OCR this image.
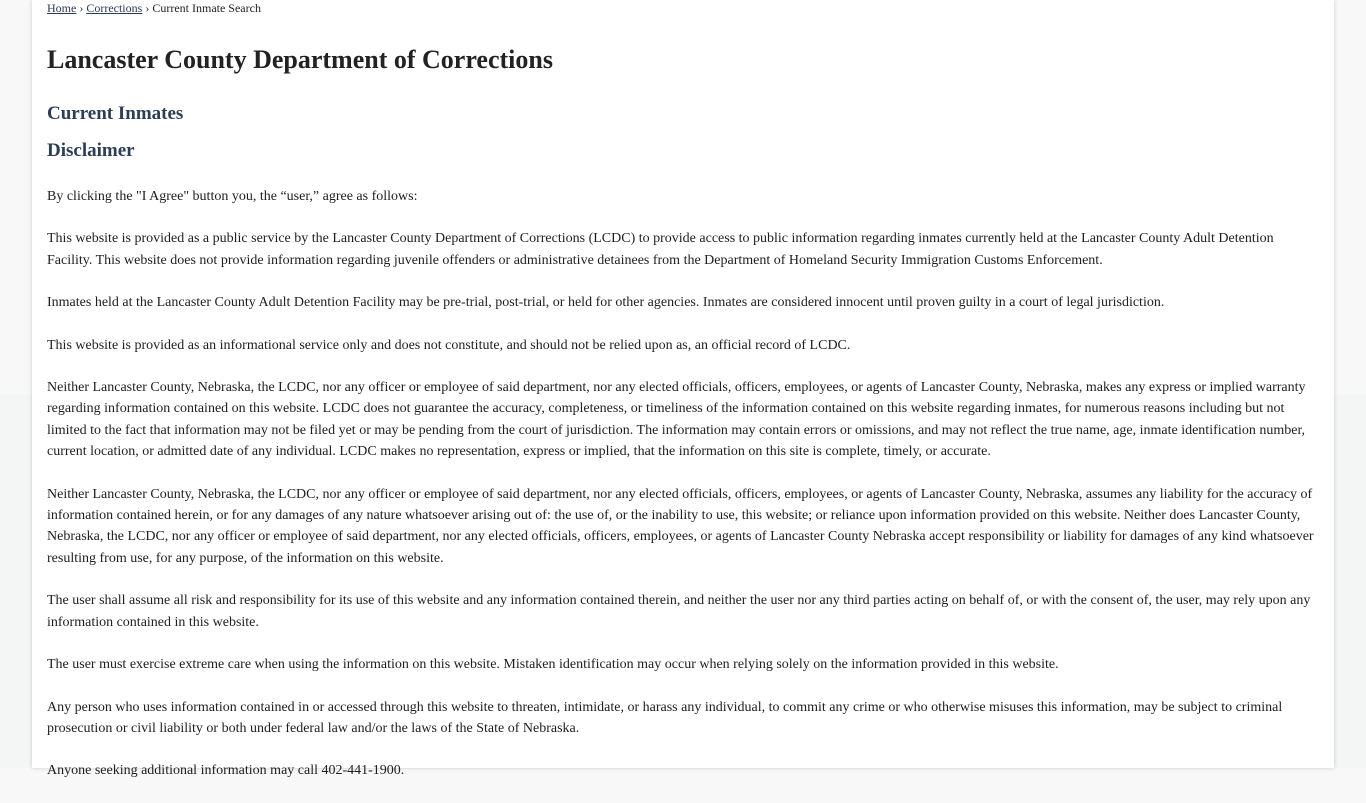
Home › Corrections › Current Inmate Search
Lancaster County Department of Corrections
Current Inmates
Disclaimer

By clicking the "I Agree" button you, the “user,” agree as follows:

This website is provided as a public service by the Lancaster County Department of Corrections (LCDC) to provide access to public information regarding inmates currently held at the Lancaster County Adult Detention Facility. This website does not provide information regarding juvenile offenders or administrative detainees from the Department of Homeland Security Immigration Customs Enforcement.

Inmates held at the Lancaster County Adult Detention Facility may be pre-trial, post-trial, or held for other agencies. Inmates are considered innocent until proven guilty in a court of legal jurisdiction.

This website is provided as an informational service only and does not constitute, and should not be relied upon as, an official record of LCDC.

Neither Lancaster County, Nebraska, the LCDC, nor any officer or employee of said department, nor any elected officials, officers, employees, or agents of Lancaster County, Nebraska, makes any express or implied warranty regarding information contained on this website. LCDC does not guarantee the accuracy, completeness, or timeliness of the information contained on this website regarding inmates, for numerous reasons including but not limited to the fact that information may not be filed yet or may be pending from the court of jurisdiction. The information may contain errors or omissions, and may not reflect the true name, age, inmate identification number, current location, or admitted date of any individual. LCDC makes no representation, express or implied, that the information on this site is complete, timely, or accurate.

Neither Lancaster County, Nebraska, the LCDC, nor any officer or employee of said department, nor any elected officials, officers, employees, or agents of Lancaster County, Nebraska, assumes any liability for the accuracy of information contained herein, or for any damages of any nature whatsoever arising out of: the use of, or the inability to use, this website; or reliance upon information provided on this website. Neither does Lancaster County, Nebraska, the LCDC, nor any officer or employee of said department, nor any elected officials, officers, employees, or agents of Lancaster County Nebraska accept responsibility or liability for damages of any kind whatsoever resulting from use, for any purpose, of the information on this website.

The user shall assume all risk and responsibility for its use of this website and any information contained therein, and neither the user nor any third parties acting on behalf of, or with the consent of, the user, may rely upon any information contained in this website.

The user must exercise extreme care when using the information on this website. Mistaken identification may occur when relying solely on the information provided in this website.

Any person who uses information contained in or accessed through this website to threaten, intimidate, or harass any individual, to commit any crime or who otherwise misuses this information, may be subject to criminal prosecution or civil liability or both under federal law and/or the laws of the State of Nebraska.

Anyone seeking additional information may call 402-441-1900.
